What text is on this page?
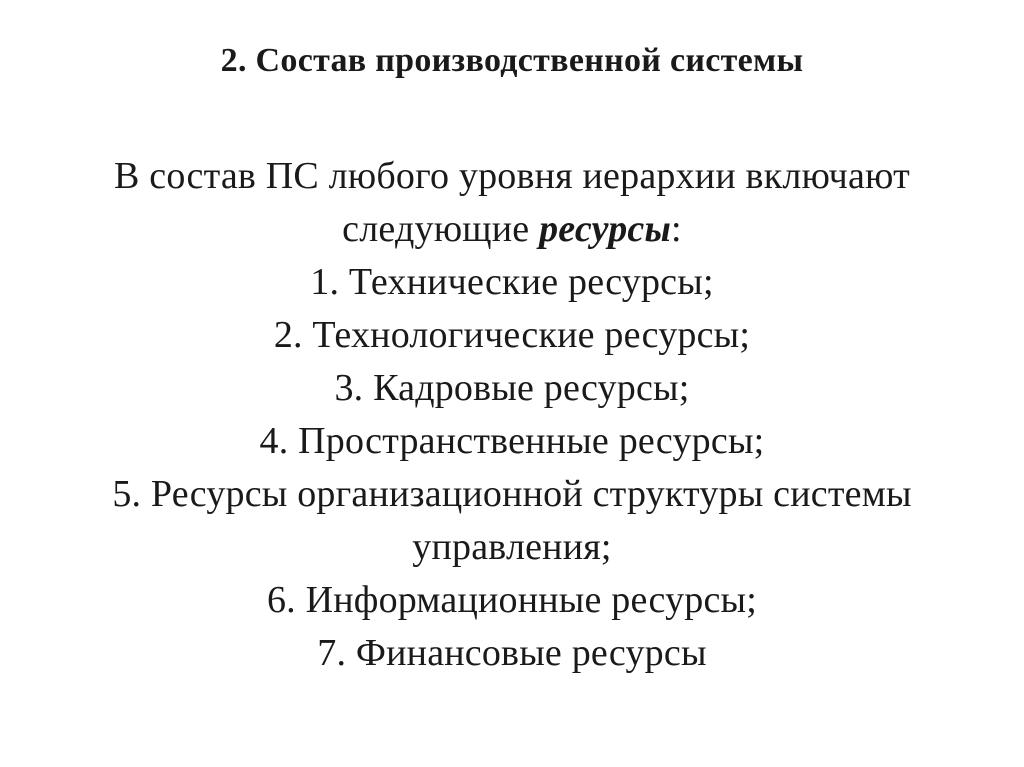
2. Состав производственной системы
В состав ПС любого уровня иерархии включают
следующие ресурсы:
1. Технические ресурсы;
2. Технологические ресурсы;
3. Кадровые ресурсы;
4. Пространственные ресурсы;
5. Ресурсы организационной структуры системы
управления;
6. Информационные ресурсы;
7. Финансовые ресурсы
